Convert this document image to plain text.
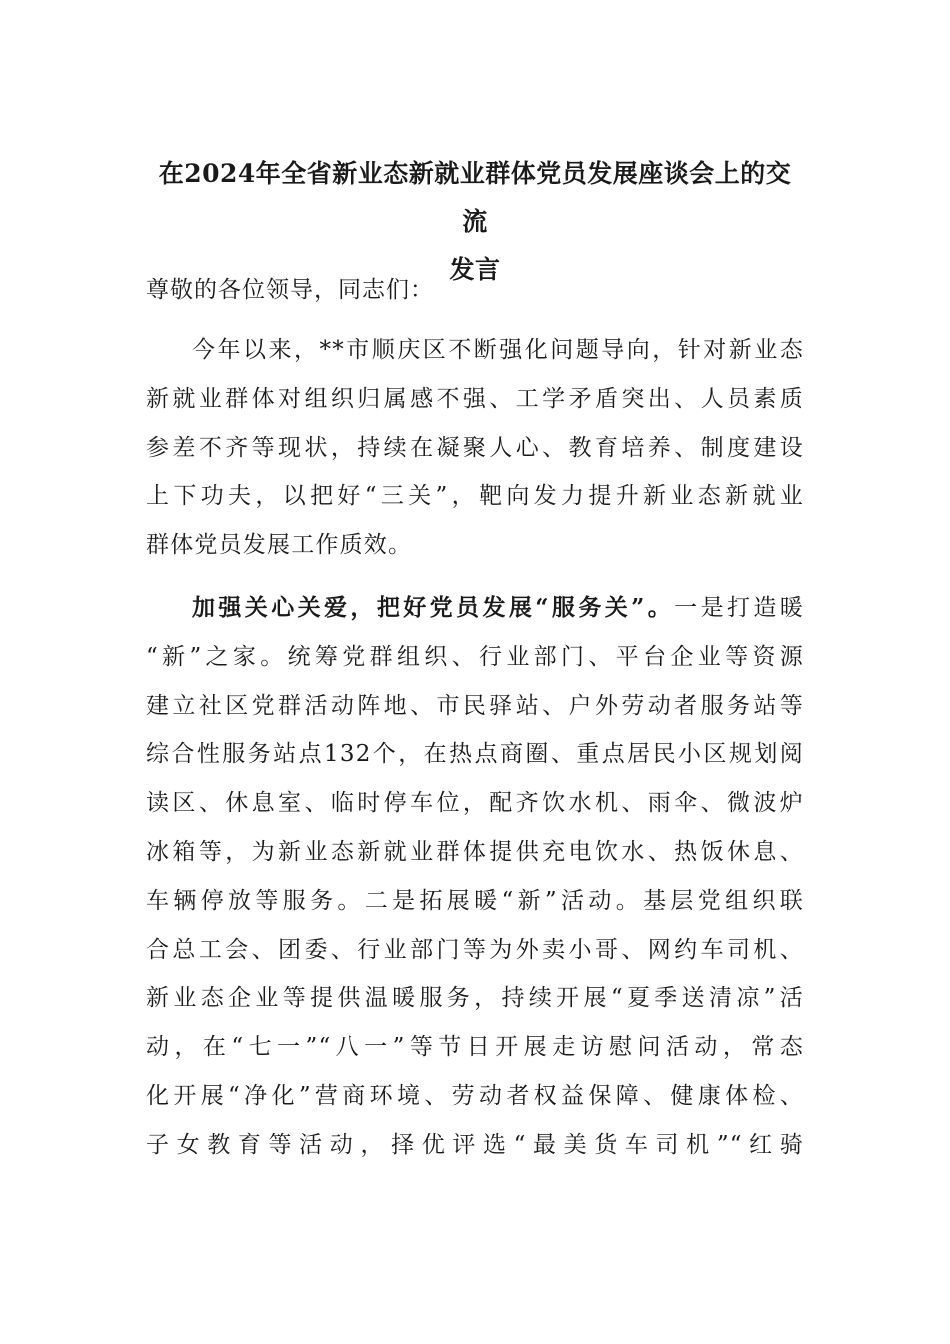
在2024年全省新业态新就业群体党员发展座谈会上的交流
发言
尊敬的各位领导，同志们：
今年以来，**市顺庆区不断强化问题导向，针对新业态
新就业群体对组织归属感不强、工学矛盾突出、人员素质
参差不齐等现状，持续在凝聚人心、教育培养、制度建设
上下功夫，以把好“三关”，靶向发力提升新业态新就业
群体党员发展工作质效。
加强关心关爱，把好党员发展“服务关”。一是打造暖
“新”之家。统筹党群组织、行业部门、平台企业等资源
建立社区党群活动阵地、市民驿站、户外劳动者服务站等
综合性服务站点132个，在热点商圈、重点居民小区规划阅
读区、休息室、临时停车位，配齐饮水机、雨伞、微波炉
冰箱等，为新业态新就业群体提供充电饮水、热饭休息、
车辆停放等服务。二是拓展暖“新”活动。基层党组织联
合总工会、团委、行业部门等为外卖小哥、网约车司机、
新业态企业等提供温暖服务，持续开展“夏季送清凉”活
动，在“七一”“八一”等节日开展走访慰问活动，常态
化开展“净化”营商环境、劳动者权益保障、健康体检、
子女教育等活动，择优评选“最美货车司机”“红骑
